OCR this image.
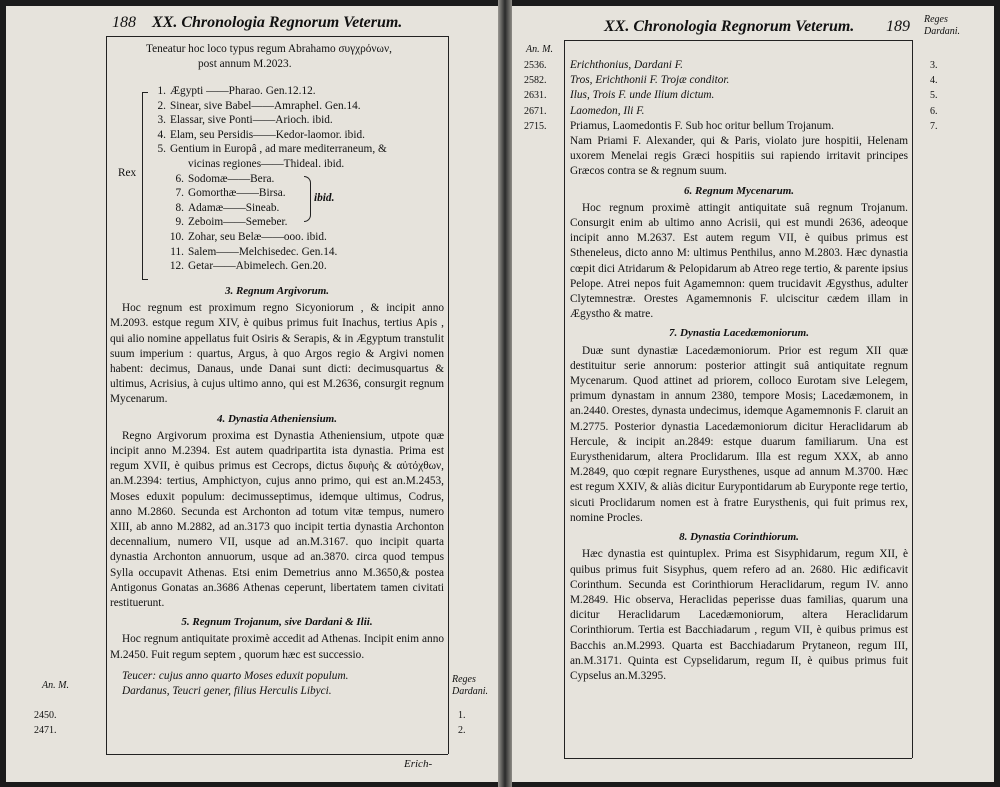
188 XX. Chronologia Regnorum Veterum.
Teneatur hoc loco typus regum Abrahamo συγχρόνων,
post annum M.2023.
Rex
ibid.
1. Ægypti ——Pharao. Gen.12.12.
2. Sinear, sive Babel——Amraphel. Gen.14.
3. Elassar, sive Ponti——Arioch. ibid.
4. Elam, seu Persidis——Kedor-laomor. ibid.
5. Gentium in Europâ , ad mare mediterraneum, &
vicinas regiones——Thideal. ibid.
6. Sodomæ——Bera.
7. Gomorthæ——Birsa.
8. Adamæ——Sineab.
9. Zeboim——Semeber.
10. Zohar, seu Belæ——ooo. ibid.
11. Salem——Melchisedec. Gen.14.
12. Getar——Abimelech. Gen.20.
3. Regnum Argivorum.

Hoc regnum est proximum regno Sicyoniorum , & incipit anno M.2093. estque regum XIV, è quibus primus fuit Inachus, tertius Apis , qui alio nomine appellatus fuit Osiris & Serapis, & in Ægyptum transtulit suum imperium : quartus, Argus, à quo Argos regio & Argivi nomen habent: decimus, Danaus, unde Danai sunt dicti: decimusquartus & ultimus, Acrisius, à cujus ultimo anno, qui est M.2636, consurgit regnum Mycenarum.

4. Dynastia Atheniensium.

Regno Argivorum proxima est Dynastia Atheniensium, utpote quæ incipit anno M.2394. Est autem quadripartita ista dynastia. Prima est regum XVII, è quibus primus est Cecrops, dictus διφυὴς & αὐτόχθων, an.M.2394: tertius, Amphictyon, cujus anno primo, qui est an.M.2453, Moses eduxit populum: decimusseptimus, idemque ultimus, Codrus, anno M.2860. Secunda est Archonton ad totum vitæ tempus, numero XIII, ab anno M.2882, ad an.3173 quo incipit tertia dynastia Archonton decennalium, numero VII, usque ad an.M.3167. quo incipit quarta dynastia Archonton annuorum, usque ad an.3870. circa quod tempus Sylla occupavit Athenas. Etsi enim Demetrius anno M.3650,& postea Antigonus Gonatas an.3686 Athenas ceperunt, libertatem tamen civitati restituerunt.

5. Regnum Trojanum, sive Dardani & Ilii.

Hoc regnum antiquitate proximè accedit ad Athenas. Incipit enim anno M.2450. Fuit regum septem , quorum hæc est successio.

Teucer: cujus anno quarto Moses eduxit populum.

Dardanus, Teucri gener, filius Herculis Libyci.

An. M.
2450.
2471.
Reges Dardani.
1.
2.
Erich-
XX. Chronologia Regnorum Veterum. 189
An. M.
2536.
2582.
2631.
2671.
2715.
Reges Dardani.
3.
4.
5.
6.
7.

Erichthonius, Dardani F.

Tros, Erichthonii F. Trojæ conditor.

Ilus, Trois F. unde Ilium dictum.

Laomedon, Ili F.

Priamus, Laomedontis F. Sub hoc oritur bellum Trojanum.

Nam Priami F. Alexander, qui & Paris, violato jure hospitii, Helenam uxorem Menelai regis Græci hospitiis sui rapiendo irritavit principes Græcos contra se & regnum suum.

6. Regnum Mycenarum.

Hoc regnum proximè attingit antiquitate suâ regnum Trojanum. Consurgit enim ab ultimo anno Acrisii, qui est mundi 2636, adeoque incipit anno M.2637. Est autem regum VII, è quibus primus est Stheneleus, dicto anno M: ultimus Penthilus, anno M.2803. Hæc dynastia cœpit dici Atridarum & Pelopidarum ab Atreo rege tertio, & parente ipsius Pelope. Atrei nepos fuit Agamemnon: quem trucidavit Ægysthus, adulter Clytemnestræ. Orestes Agamemnonis F. ulciscitur cædem illam in Ægystho & matre.

7. Dynastia Lacedæmoniorum.

Duæ sunt dynastiæ Lacedæmoniorum. Prior est regum XII quæ destituitur serie annorum: posterior attingit suâ antiquitate regnum Mycenarum. Quod attinet ad priorem, colloco Eurotam sive Lelegem, primum dynastam in annum 2380, tempore Mosis; Lacedæmonem, in an.2440. Orestes, dynasta undecimus, idemque Agamemnonis F. claruit an M.2775. Posterior dynastia Lacedæmoniorum dicitur Heraclidarum ab Hercule, & incipit an.2849: estque duarum familiarum. Una est Eurysthenidarum, altera Proclidarum. Illa est regum XXX, ab anno M.2849, quo cœpit regnare Eurysthenes, usque ad annum M.3700. Hæc est regum XXIV, & aliàs dicitur Eurypontidarum ab Eurypontе rege tertio, sicuti Proclidarum nomen est à fratre Eurysthenis, qui fuit primus rex, nomine Procles.

8. Dynastia Corinthiorum.

Hæc dynastia est quintuplex. Prima est Sisyphidarum, regum XII, è quibus primus fuit Sisyphus, quem refero ad an. 2680. Hic ædificavit Corinthum. Secunda est Corinthiorum Heraclidarum, regum IV. anno M.2849. Hic observa, Heraclidas peperisse duas familias, quarum una dicitur Heraclidarum Lacedæmoniorum, altera Heraclidarum Corinthiorum. Tertia est Bacchiadarum , regum VII, è quibus primus est Bacchis an.M.2993. Quarta est Bacchiadarum Prytaneon, regum III, an.M.3171. Quinta est Cypselidarum, regum II, è quibus primus fuit Cypselus an.M.3295.
